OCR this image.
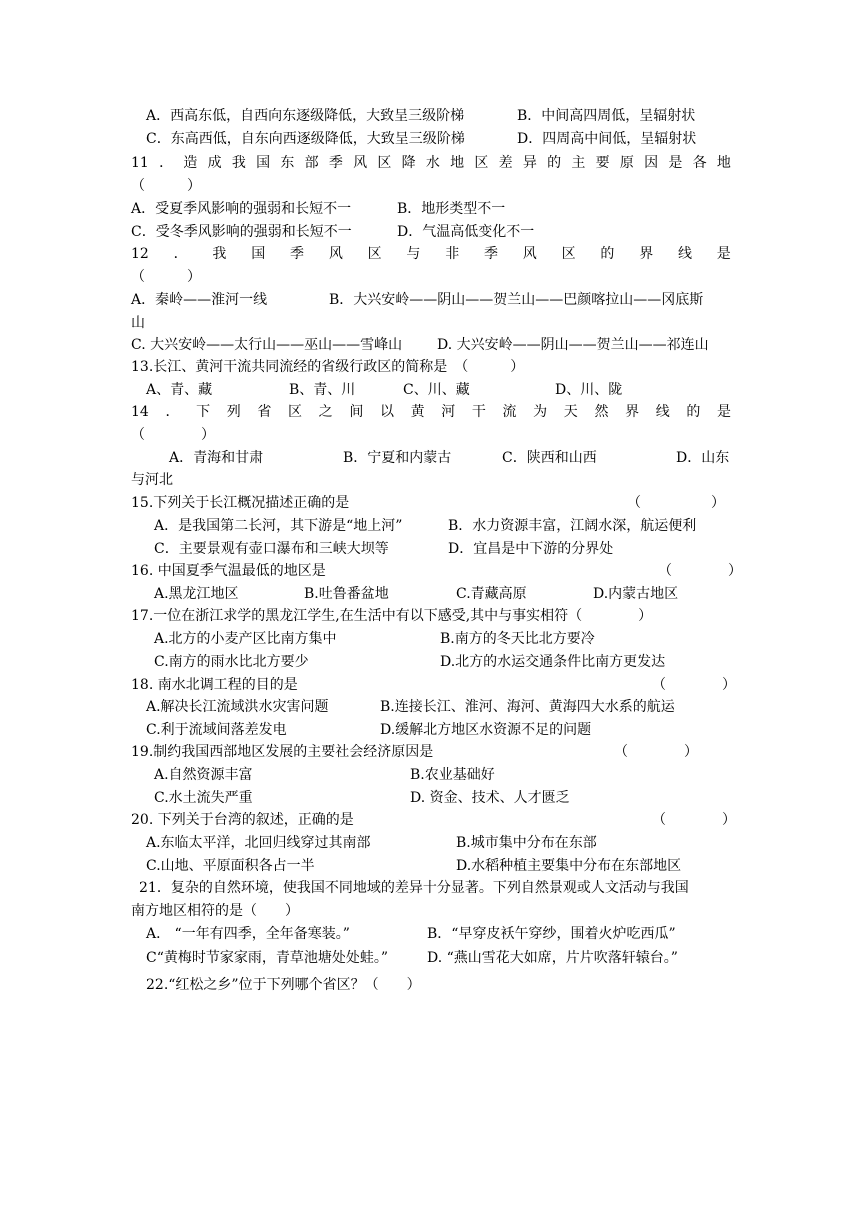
A．西高东低，自西向东逐级降低，大致呈三级阶梯	B．中间高四周低，呈辐射状
C．东高西低，自东向西逐级降低，大致呈三级阶梯	D．四周高中间低，呈辐射状
11 ． 造 成 我 国 东 部 季 风 区 降 水 地 区 差 异 的 主 要 原 因 是 各 地
（　　　）
A．受夏季风影响的强弱和长短不一	B．地形类型不一
C．受冬季风影响的强弱和长短不一	D．气温高低变化不一
12 ． 我 国 季 风 区 与 非 季 风 区 的 界 线 是
（　　　）
A．秦岭——淮河一线	B．大兴安岭——阴山——贺兰山——巴颜喀拉山——冈底斯
山
C. 大兴安岭——太行山——巫山——雪峰山 D. 大兴安岭——阴山——贺兰山——祁连山
13.长江、黄河干流共同流经的省级行政区的简称是　（　　　）
A、青、藏	B、青、川	C、川、藏	D、川、陇
14 ． 下 列 省 区 之 间 以 黄 河 干 流 为 天 然 界 线 的 是
（　　　　）
A．青海和甘肃	B．宁夏和内蒙古	C．陕西和山西	D．山东
与河北
15.下列关于长江概况描述正确的是	（　　　　　）
A．是我国第二长河，其下游是“地上河”	B．水力资源丰富，江阔水深，航运便利
C．主要景观有壶口瀑布和三峡大坝等	D．宜昌是中下游的分界处
16. 中国夏季气温最低的地区是	（　　　　）
A.黑龙江地区	B.吐鲁番盆地	C.青藏高原	D.内蒙古地区
17.一位在浙江求学的黑龙江学生,在生活中有以下感受,其中与事实相符（　　　　）
A.北方的小麦产区比南方集中	B.南方的冬天比北方要冷
C.南方的雨水比北方要少	D.北方的水运交通条件比南方更发达
18. 南水北调工程的目的是	（　　　　）
A.解决长江流域洪水灾害问题	B.连接长江、淮河、海河、黄海四大水系的航运
C.利于流域间落差发电	D.缓解北方地区水资源不足的问题
19.制约我国西部地区发展的主要社会经济原因是	（　　　　）
A.自然资源丰富	B.农业基础好
C.水土流失严重	D. 资金、技术、人才匮乏
20. 下列关于台湾的叙述，正确的是	（　　　　）
A.东临太平洋，北回归线穿过其南部	B.城市集中分布在东部
C.山地、平原面积各占一半	D.水稻种植主要集中分布在东部地区
21．复杂的自然环境，使我国不同地域的差异十分显著。下列自然景观或人文活动与我国
南方地区相符的是（　　）
A． “一年有四季，全年备寒装。”	B．“早穿皮袄午穿纱，围着火炉吃西瓜”
C“黄梅时节家家雨，青草池塘处处蛙。”	D. “燕山雪花大如席，片片吹落轩辕台。”
22.“红松之乡”位于下列哪个省区？（　　）
